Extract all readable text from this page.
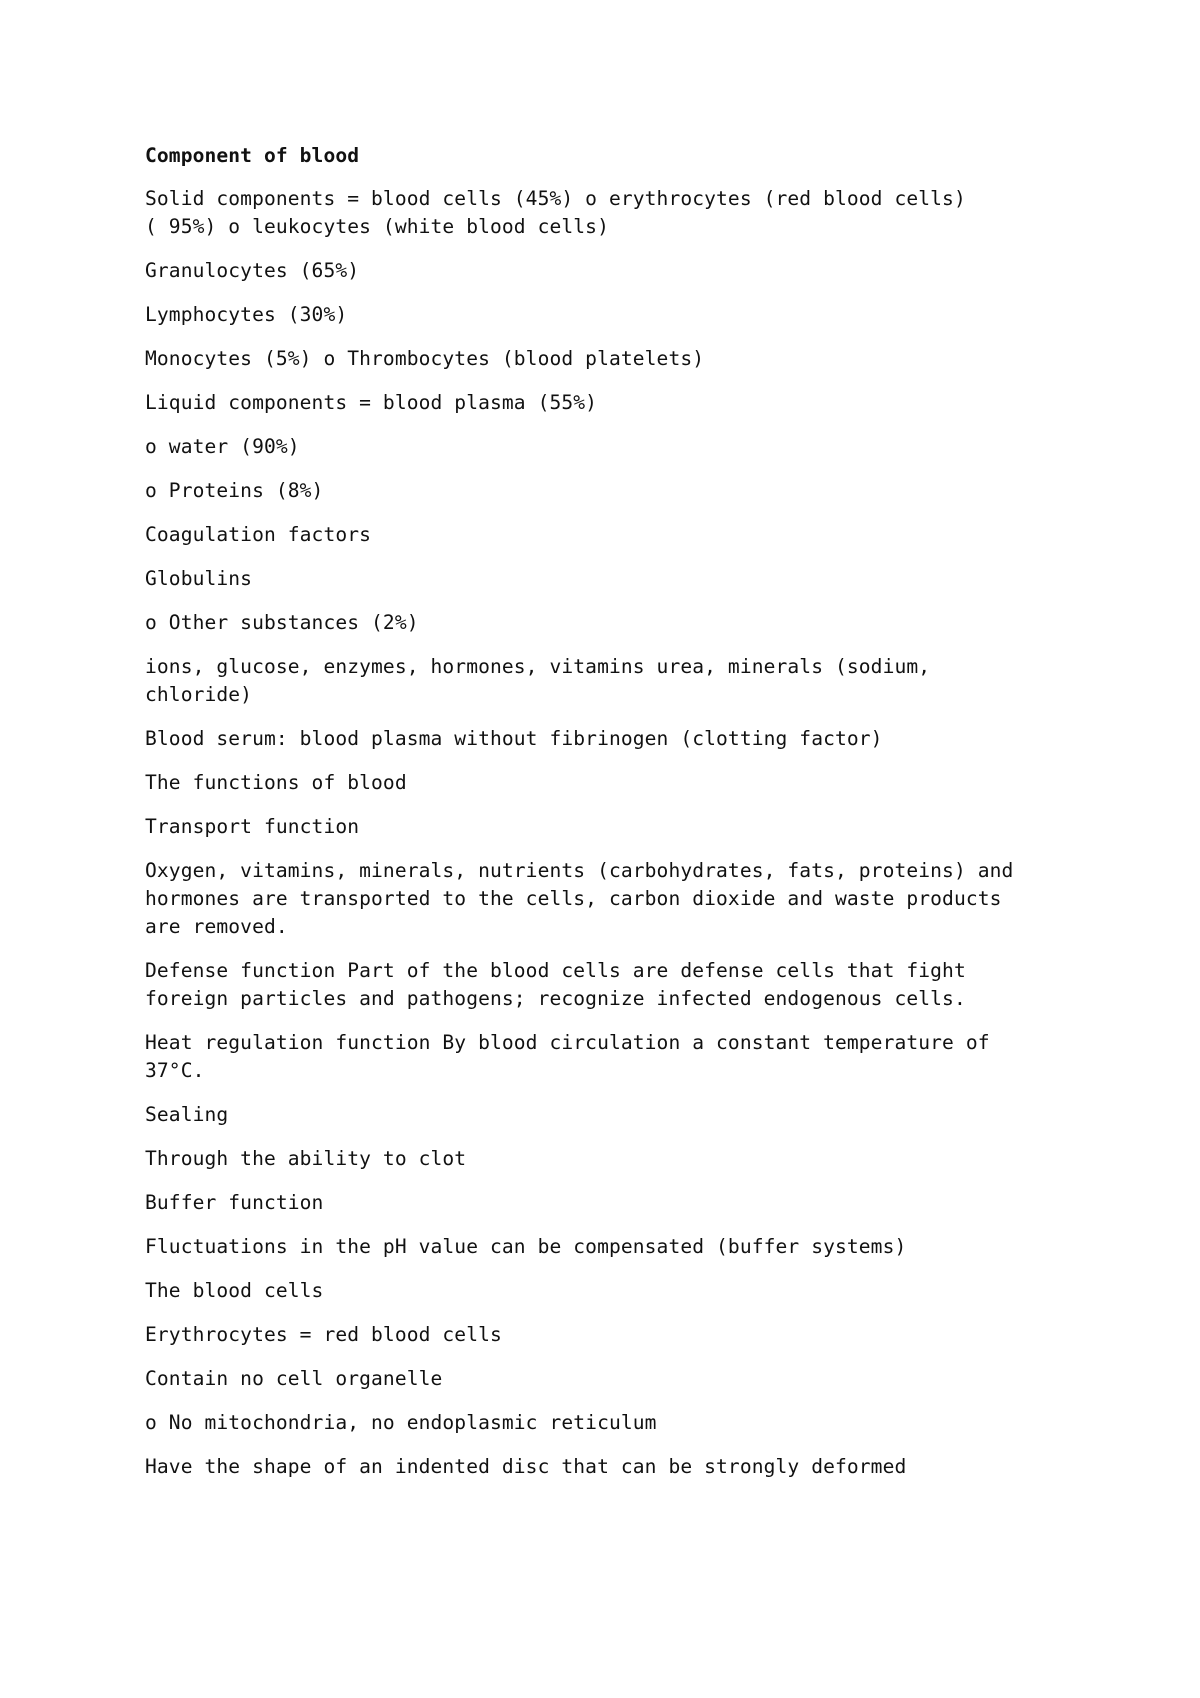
Component of blood

Solid components = blood cells (45%) o erythrocytes (red blood cells)
( 95%) o leukocytes (white blood cells)

Granulocytes (65%)

Lymphocytes (30%)

Monocytes (5%) o Thrombocytes (blood platelets)

Liquid components = blood plasma (55%)

o water (90%)

o Proteins (8%)

Coagulation factors

Globulins

o Other substances (2%)

ions, glucose, enzymes, hormones, vitamins urea, minerals (sodium,
chloride)

Blood serum: blood plasma without fibrinogen (clotting factor)

The functions of blood

Transport function

Oxygen, vitamins, minerals, nutrients (carbohydrates, fats, proteins) and
hormones are transported to the cells, carbon dioxide and waste products
are removed.

Defense function Part of the blood cells are defense cells that fight
foreign particles and pathogens; recognize infected endogenous cells.

Heat regulation function By blood circulation a constant temperature of
37°C.

Sealing

Through the ability to clot

Buffer function

Fluctuations in the pH value can be compensated (buffer systems)

The blood cells

Erythrocytes = red blood cells

Contain no cell organelle

o No mitochondria, no endoplasmic reticulum

Have the shape of an indented disc that can be strongly deformed
